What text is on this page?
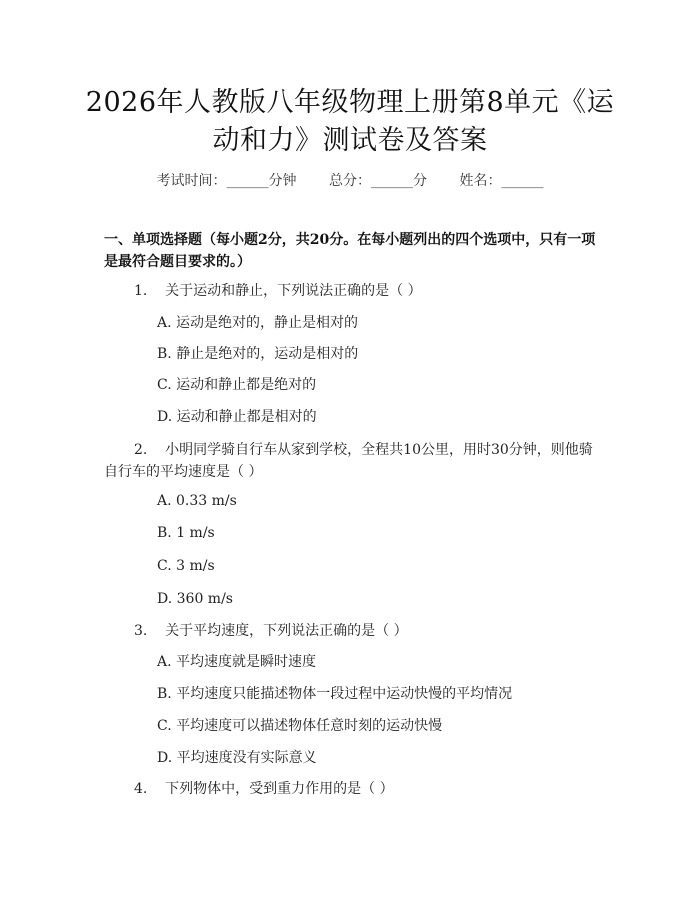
2026年人教版八年级物理上册第8单元《运动和力》测试卷及答案
考试时间：______分钟 总分：______分 姓名：______
一、单项选择题（每小题2分，共20分。在每小题列出的四个选项中，只有一项是最符合题目要求的。）
1. 关于运动和静止，下列说法正确的是（ ）
A. 运动是绝对的，静止是相对的
B. 静止是绝对的，运动是相对的
C. 运动和静止都是绝对的
D. 运动和静止都是相对的
2. 小明同学骑自行车从家到学校，全程共10公里，用时30分钟，则他骑自行车的平均速度是（ ）
A. 0.33 m/s
B. 1 m/s
C. 3 m/s
D. 360 m/s
3. 关于平均速度，下列说法正确的是（ ）
A. 平均速度就是瞬时速度
B. 平均速度只能描述物体一段过程中运动快慢的平均情况
C. 平均速度可以描述物体任意时刻的运动快慢
D. 平均速度没有实际意义
4. 下列物体中，受到重力作用的是（ ）
